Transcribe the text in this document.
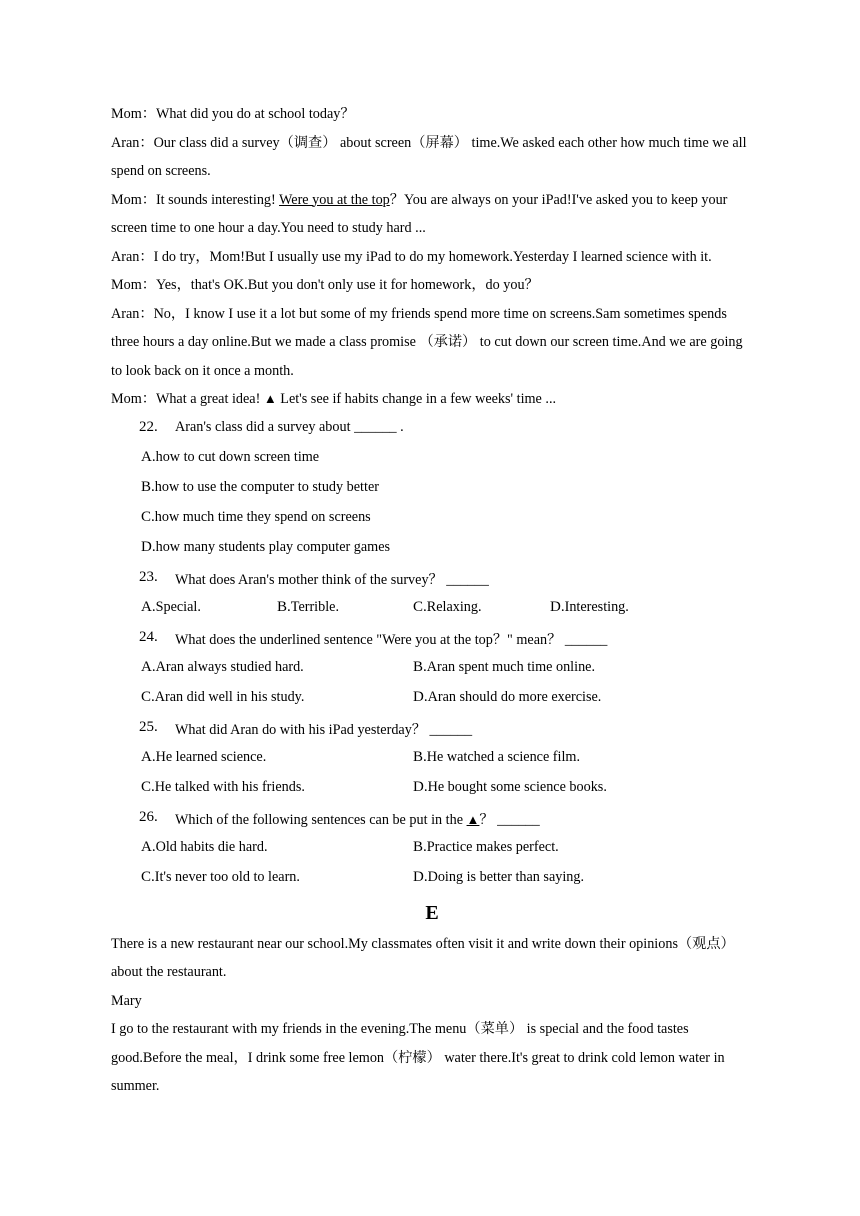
Mom：What did you do at school today？

Aran：Our class did a survey（调查） about screen（屏幕） time.We asked each other how much time we all spend on screens.

Mom：It sounds interesting! Were you at the top？You are always on your iPad!I've asked you to keep your screen time to one hour a day.You need to study hard ...

Aran：I do try，Mom!But I usually use my iPad to do my homework.Yesterday I learned science with it.

Mom：Yes，that's OK.But you don't only use it for homework，do you？

Aran：No，I know I use it a lot but some of my friends spend more time on screens.Sam sometimes spends three hours a day online.But we made a class promise （承诺） to cut down our screen time.And we are going to look back on it once a month.

Mom：What a great idea! ▲ Let's see if habits change in a few weeks' time ...

22. Aran's class did a survey about ______ .
A.how to cut down screen time
B.how to use the computer to study better
C.how much time they spend on screens
D.how many students play computer games
23. What does Aran's mother think of the survey？ ______
A.Special.	B.Terrible.	C.Relaxing.	D.Interesting.
24. What does the underlined sentence "Were you at the top？" mean？ ______
A.Aran always studied hard.	B.Aran spent much time online.
C.Aran did well in his study.	D.Aran should do more exercise.
25. What did Aran do with his iPad yesterday？ ______
A.He learned science.	B.He watched a science film.
C.He talked with his friends.	D.He bought some science books.
26. Which of the following sentences can be put in the ▲？ ______
A.Old habits die hard.	B.Practice makes perfect.
C.It's never too old to learn.	D.Doing is better than saying.
E

There is a new restaurant near our school.My classmates often visit it and write down their opinions（观点） about the restaurant.

Mary

I go to the restaurant with my friends in the evening.The menu（菜单） is special and the food tastes good.Before the meal，I drink some free lemon（柠檬） water there.It's great to drink cold lemon water in summer.
